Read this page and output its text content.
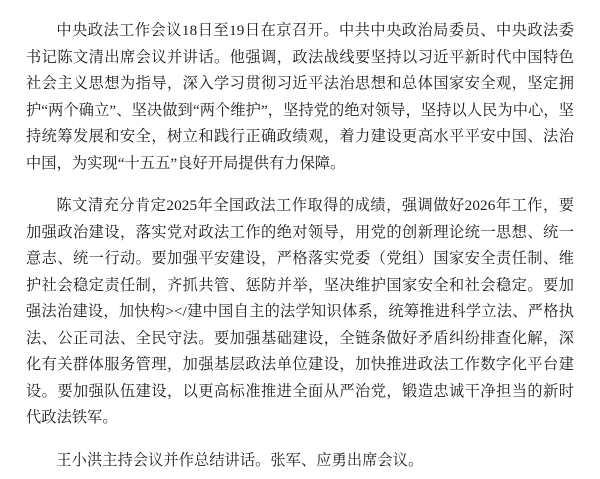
中央政法工作会议18日至19日在京召开。中共中央政治局委员、中央政法委书记陈文清出席会议并讲话。他强调，政法战线要坚持以习近平新时代中国特色社会主义思想为指导，深入学习贯彻习近平法治思想和总体国家安全观，坚定拥护“两个确立”、坚决做到“两个维护”，坚持党的绝对领导，坚持以人民为中心，坚持统筹发展和安全，树立和践行正确政绩观，着力建设更高水平平安中国、法治中国，为实现“十五五”良好开局提供有力保障。

陈文清充分肯定2025年全国政法工作取得的成绩，强调做好2026年工作，要加强政治建设，落实党对政法工作的绝对领导，用党的创新理论统一思想、统一意志、统一行动。要加强平安建设，严格落实党委（党组）国家安全责任制、维护社会稳定责任制，齐抓共管、惩防并举，坚决维护国家安全和社会稳定。要加强法治建设，加快构></建中国自主的法学知识体系，统筹推进科学立法、严格执法、公正司法、全民守法。要加强基础建设，全链条做好矛盾纠纷排查化解，深化有关群体服务管理，加强基层政法单位建设，加快推进政法工作数字化平台建设。要加强队伍建设，以更高标准推进全面从严治党，锻造忠诚干净担当的新时代政法铁军。

王小洪主持会议并作总结讲话。张军、应勇出席会议。
